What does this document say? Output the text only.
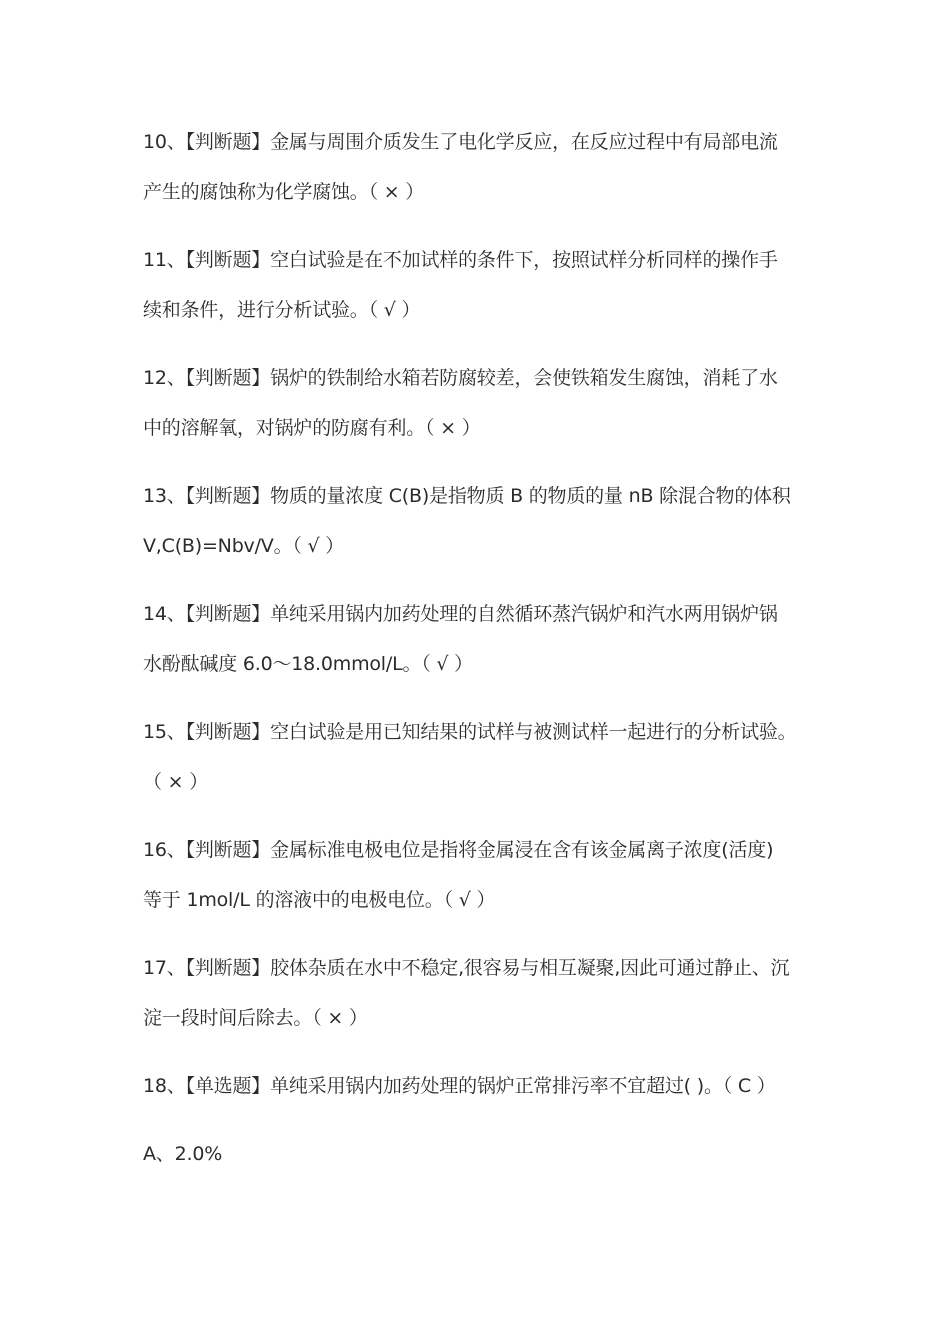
10、【判断题】金属与周围介质发生了电化学反应，在反应过程中有局部电流
产生的腐蚀称为化学腐蚀。（ × ）
11、【判断题】空白试验是在不加试样的条件下，按照试样分析同样的操作手
续和条件，进行分析试验。（ √ ）
12、【判断题】锅炉的铁制给水箱若防腐较差，会使铁箱发生腐蚀，消耗了水
中的溶解氧，对锅炉的防腐有利。（ × ）
13、【判断题】物质的量浓度 C(B)是指物质 B 的物质的量 nB 除混合物的体积
V,C(B)=Nbv/V。（ √ ）
14、【判断题】单纯采用锅内加药处理的自然循环蒸汽锅炉和汽水两用锅炉锅
水酚酞碱度 6.0～18.0mmol/L。（ √ ）
15、【判断题】空白试验是用已知结果的试样与被测试样一起进行的分析试验。
（ × ）
16、【判断题】金属标准电极电位是指将金属浸在含有该金属离子浓度(活度)
等于 1mol/L 的溶液中的电极电位。（ √ ）
17、【判断题】胶体杂质在水中不稳定,很容易与相互凝聚,因此可通过静止、沉
淀一段时间后除去。（ × ）
18、【单选题】单纯采用锅内加药处理的锅炉正常排污率不宜超过( )。（ C ）
A、2.0%
